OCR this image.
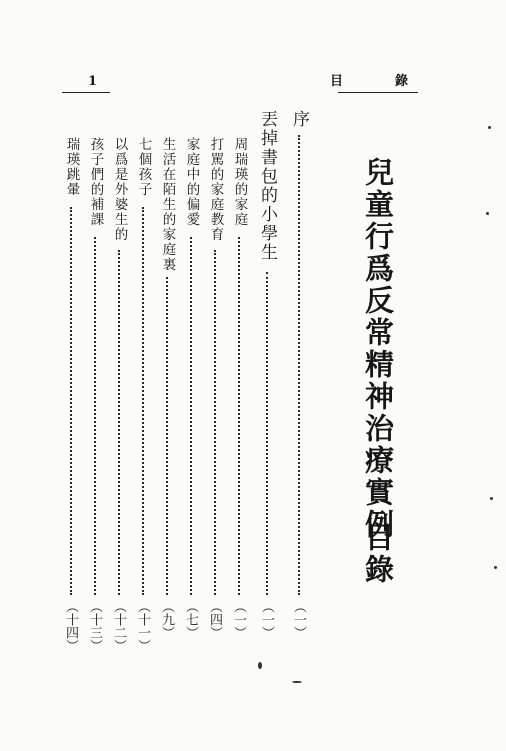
1	目錄
兒童行爲反常精神治療實例
目錄
序
（一）
丟掉書包的小學生
（一）
周瑞瑛的家庭
（一）
打駡的家庭教育
（四）
家庭中的偏愛
（七）
生活在陌生的家庭裏
（九）
七個孩子
（十一）
以爲是外婆生的
（十二）
孩子們的補課
（十三）
瑞瑛跳暈
（十四）
